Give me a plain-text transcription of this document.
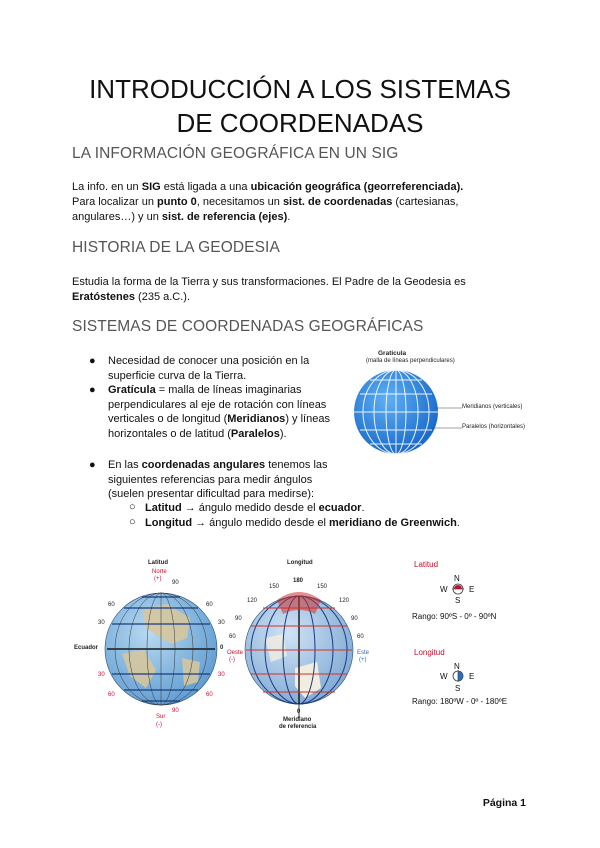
INTRODUCCIÓN A LOS SISTEMAS
DE COORDENADAS
LA INFORMACIÓN GEOGRÁFICA EN UN SIG
La info. en un SIG está ligada a una ubicación geográfica (georreferenciada).
Para localizar un punto 0, necesitamos un sist. de coordenadas (cartesianas,
angulares…) y un sist. de referencia (ejes).
HISTORIA DE LA GEODESIA
Estudia la forma de la Tierra y sus transformaciones. El Padre de la Geodesia es
Eratóstenes (235 a.C.).
SISTEMAS DE COORDENADAS GEOGRÁFICAS
● Necesidad de conocer una posición en la superficie curva de la Tierra.
● Gratícula = malla de líneas imaginarias perpendiculares al eje de rotación con líneas verticales o de longitud (Meridianos) y líneas horizontales o de latitud (Paralelos).
● En las coordenadas angulares tenemos las siguientes referencias para medir ángulos (suelen presentar dificultad para medirse):
○ Latitud → ángulo medido desde el ecuador.
○ Longitud → ángulo medido desde el meridiano de Greenwich.
Gratícula
(malla de líneas perpendiculares)
Meridianos (verticales)
Paralelos (horizontales)
Latitud
Norte
(+)
Ecuador	0
90
60
30
30
60
90
60
30
30
60
Sur
(-)
Longitud
180
150
120
90
60
150
120
90
60
Oeste
(-)
Este
(+)
0
Meridiano
de referencia
Latitud
N
W	E
S
Rango: 90ºS - 0º - 90ºN
Longitud
N
W	E
S
Rango: 180ºW - 0º - 180ºE
Página 1
